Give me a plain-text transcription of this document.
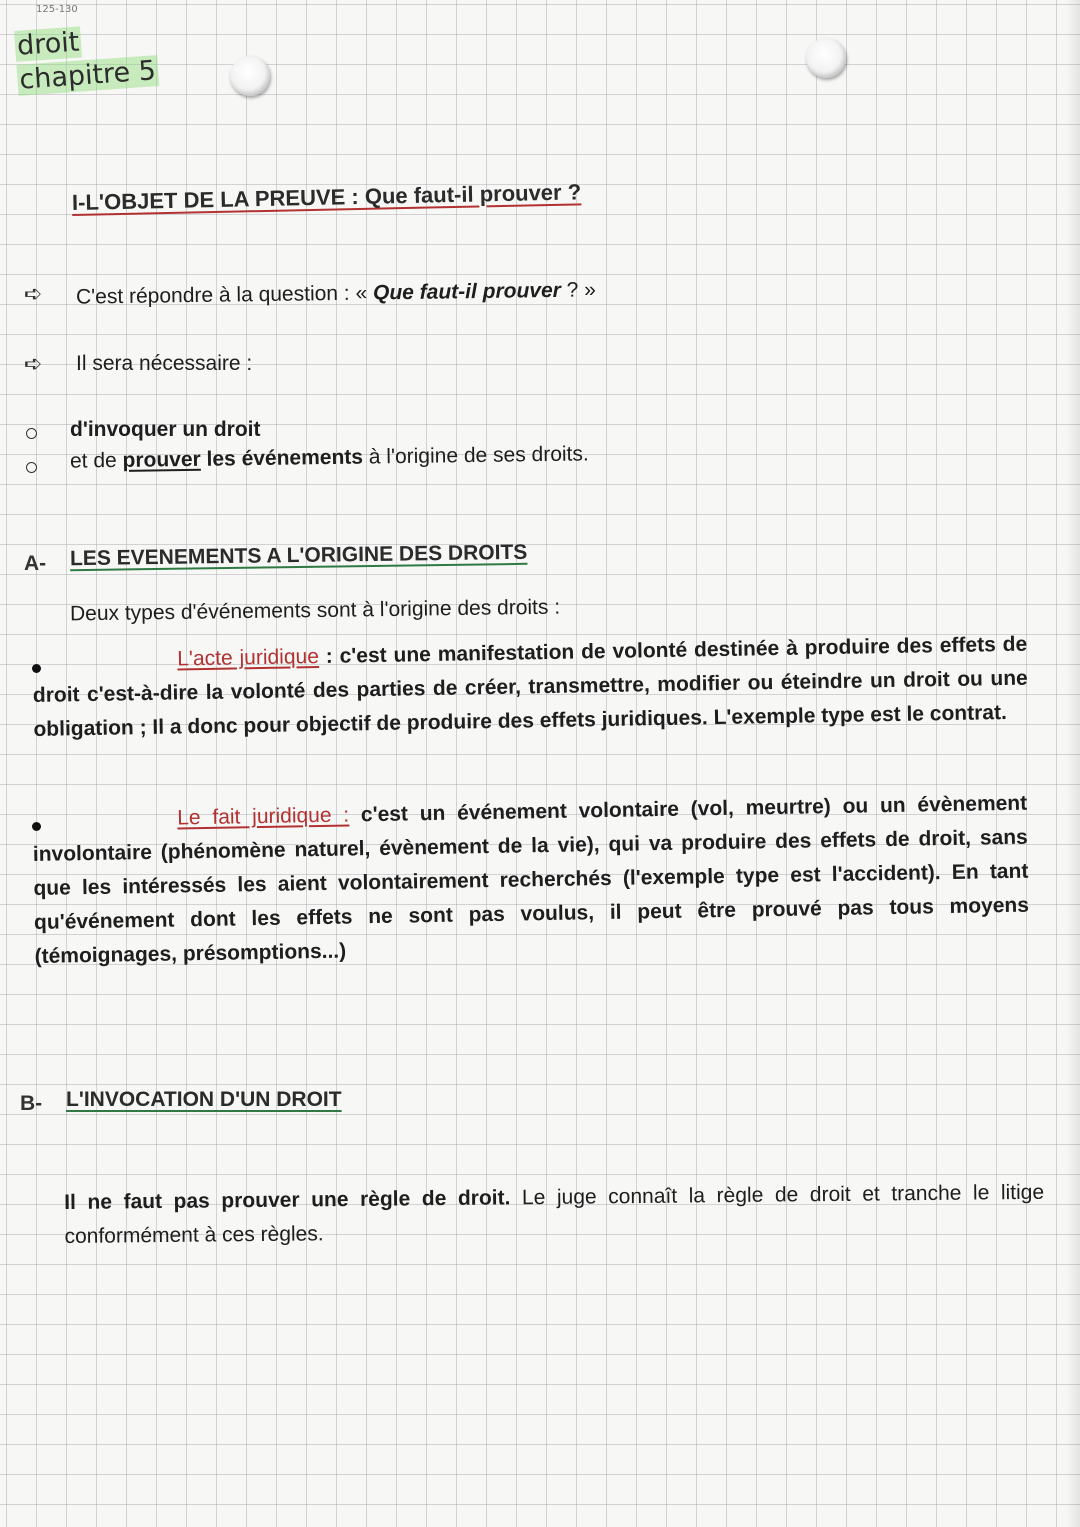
125-130
droit
chapitre 5
I-L'OBJET DE LA PREUVE : Que faut-il prouver ?
➪ C'est répondre à la question : « Que faut-il prouver ? »
➪ Il sera nécessaire :
d'invoquer un droit
et de prouver les événements à l'origine de ses droits.
A- LES EVENEMENTS A L'ORIGINE DES DROITS
Deux types d'événements sont à l'origine des droits :
L'acte juridique : c'est une manifestation de volonté destinée à produire des effets de droit c'est-à-dire la volonté des parties de créer, transmettre, modifier ou éteindre un droit ou une obligation ; Il a donc pour objectif de produire des effets juridiques. L'exemple type est le contrat.
Le fait juridique : c'est un événement volontaire (vol, meurtre) ou un évènement involontaire (phénomène naturel, évènement de la vie), qui va produire des effets de droit, sans que les intéressés les aient volontairement recherchés (l'exemple type est l'accident). En tant qu'événement dont les effets ne sont pas voulus, il peut être prouvé pas tous moyens (témoignages, présomptions...)
B- L'INVOCATION D'UN DROIT
Il ne faut pas prouver une règle de droit. Le juge connaît la règle de droit et tranche le litige conformément à ces règles.
